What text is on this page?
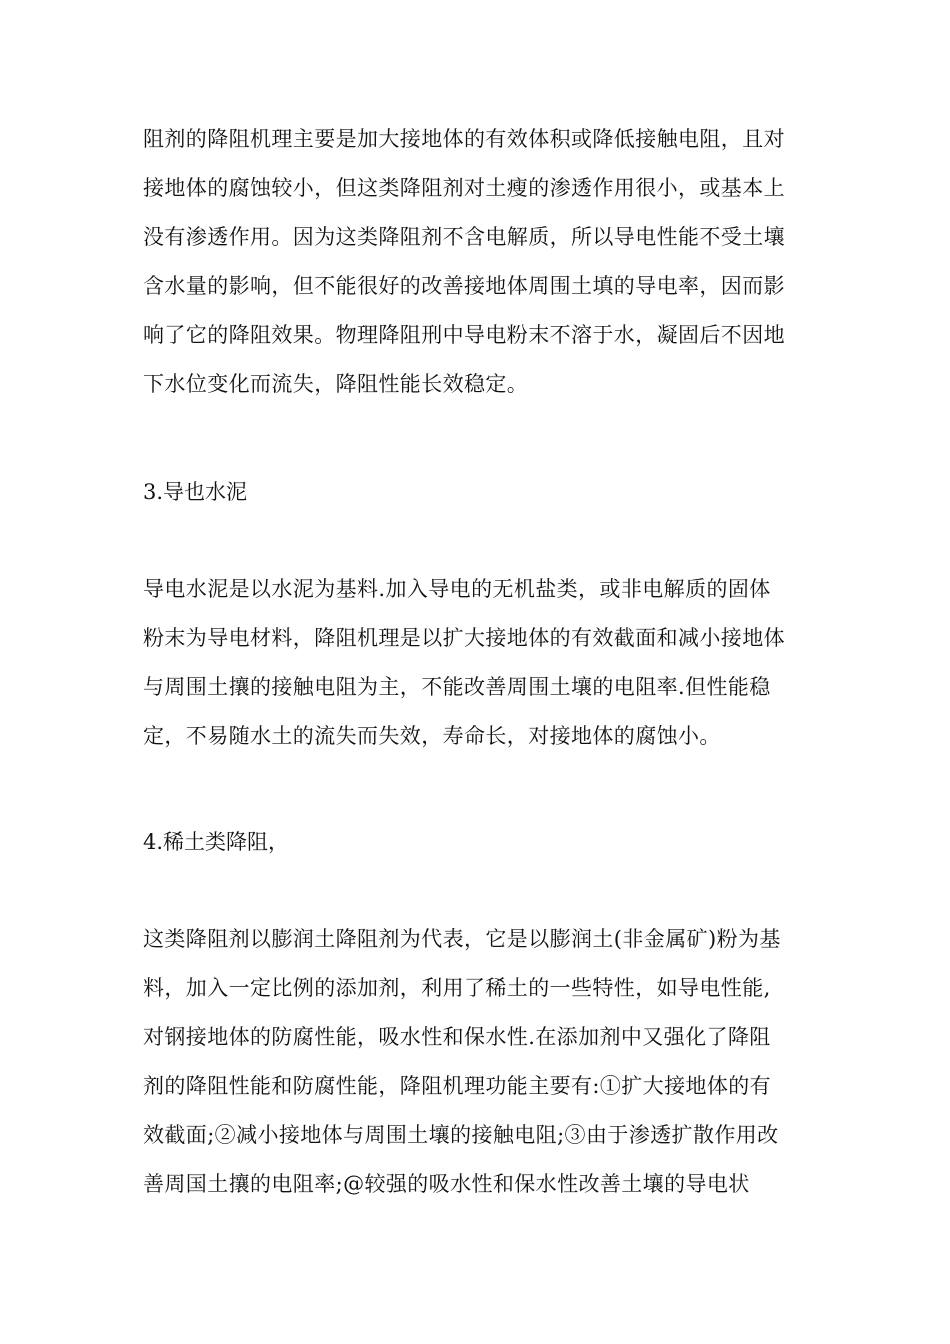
阻剂的降阻机理主要是加大接地体的有效体积或降低接触电阻，且对
接地体的腐蚀较小，但这类降阻剂对土瘦的渗透作用很小，或基本上
没有渗透作用。因为这类降阻剂不含电解质，所以导电性能不受土壤
含水量的影响，但不能很好的改善接地体周围土填的导电率，因而影
响了它的降阻效果。物理降阻刑中导电粉末不溶于水，凝固后不因地
下水位变化而流失，降阻性能长效稳定。
3.导也水泥
导电水泥是以水泥为基料.加入导电的无机盐类，或非电解质的固体
粉末为导电材料，降阻机理是以扩大接地体的有效截面和减小接地体
与周围土攘的接触电阻为主，不能改善周围土壤的电阻率.但性能稳
定，不易随水土的流失而失效，寿命长，对接地体的腐蚀小。
4.稀土类降阻，
这类降阻剂以膨润土降阻剂为代表，它是以膨润土(非金属矿)粉为基
料，加入一定比例的添加剂，利用了稀土的一些特性，如导电性能,
对钢接地体的防腐性能，吸水性和保水性.在添加剂中又强化了降阻
剂的降阻性能和防腐性能，降阻机理功能主要有:①扩大接地体的有
效截面;②减小接地体与周围土壤的接触电阻;③由于渗透扩散作用改
善周国土攘的电阻率;@较强的吸水性和保水性改善土壤的导电状
